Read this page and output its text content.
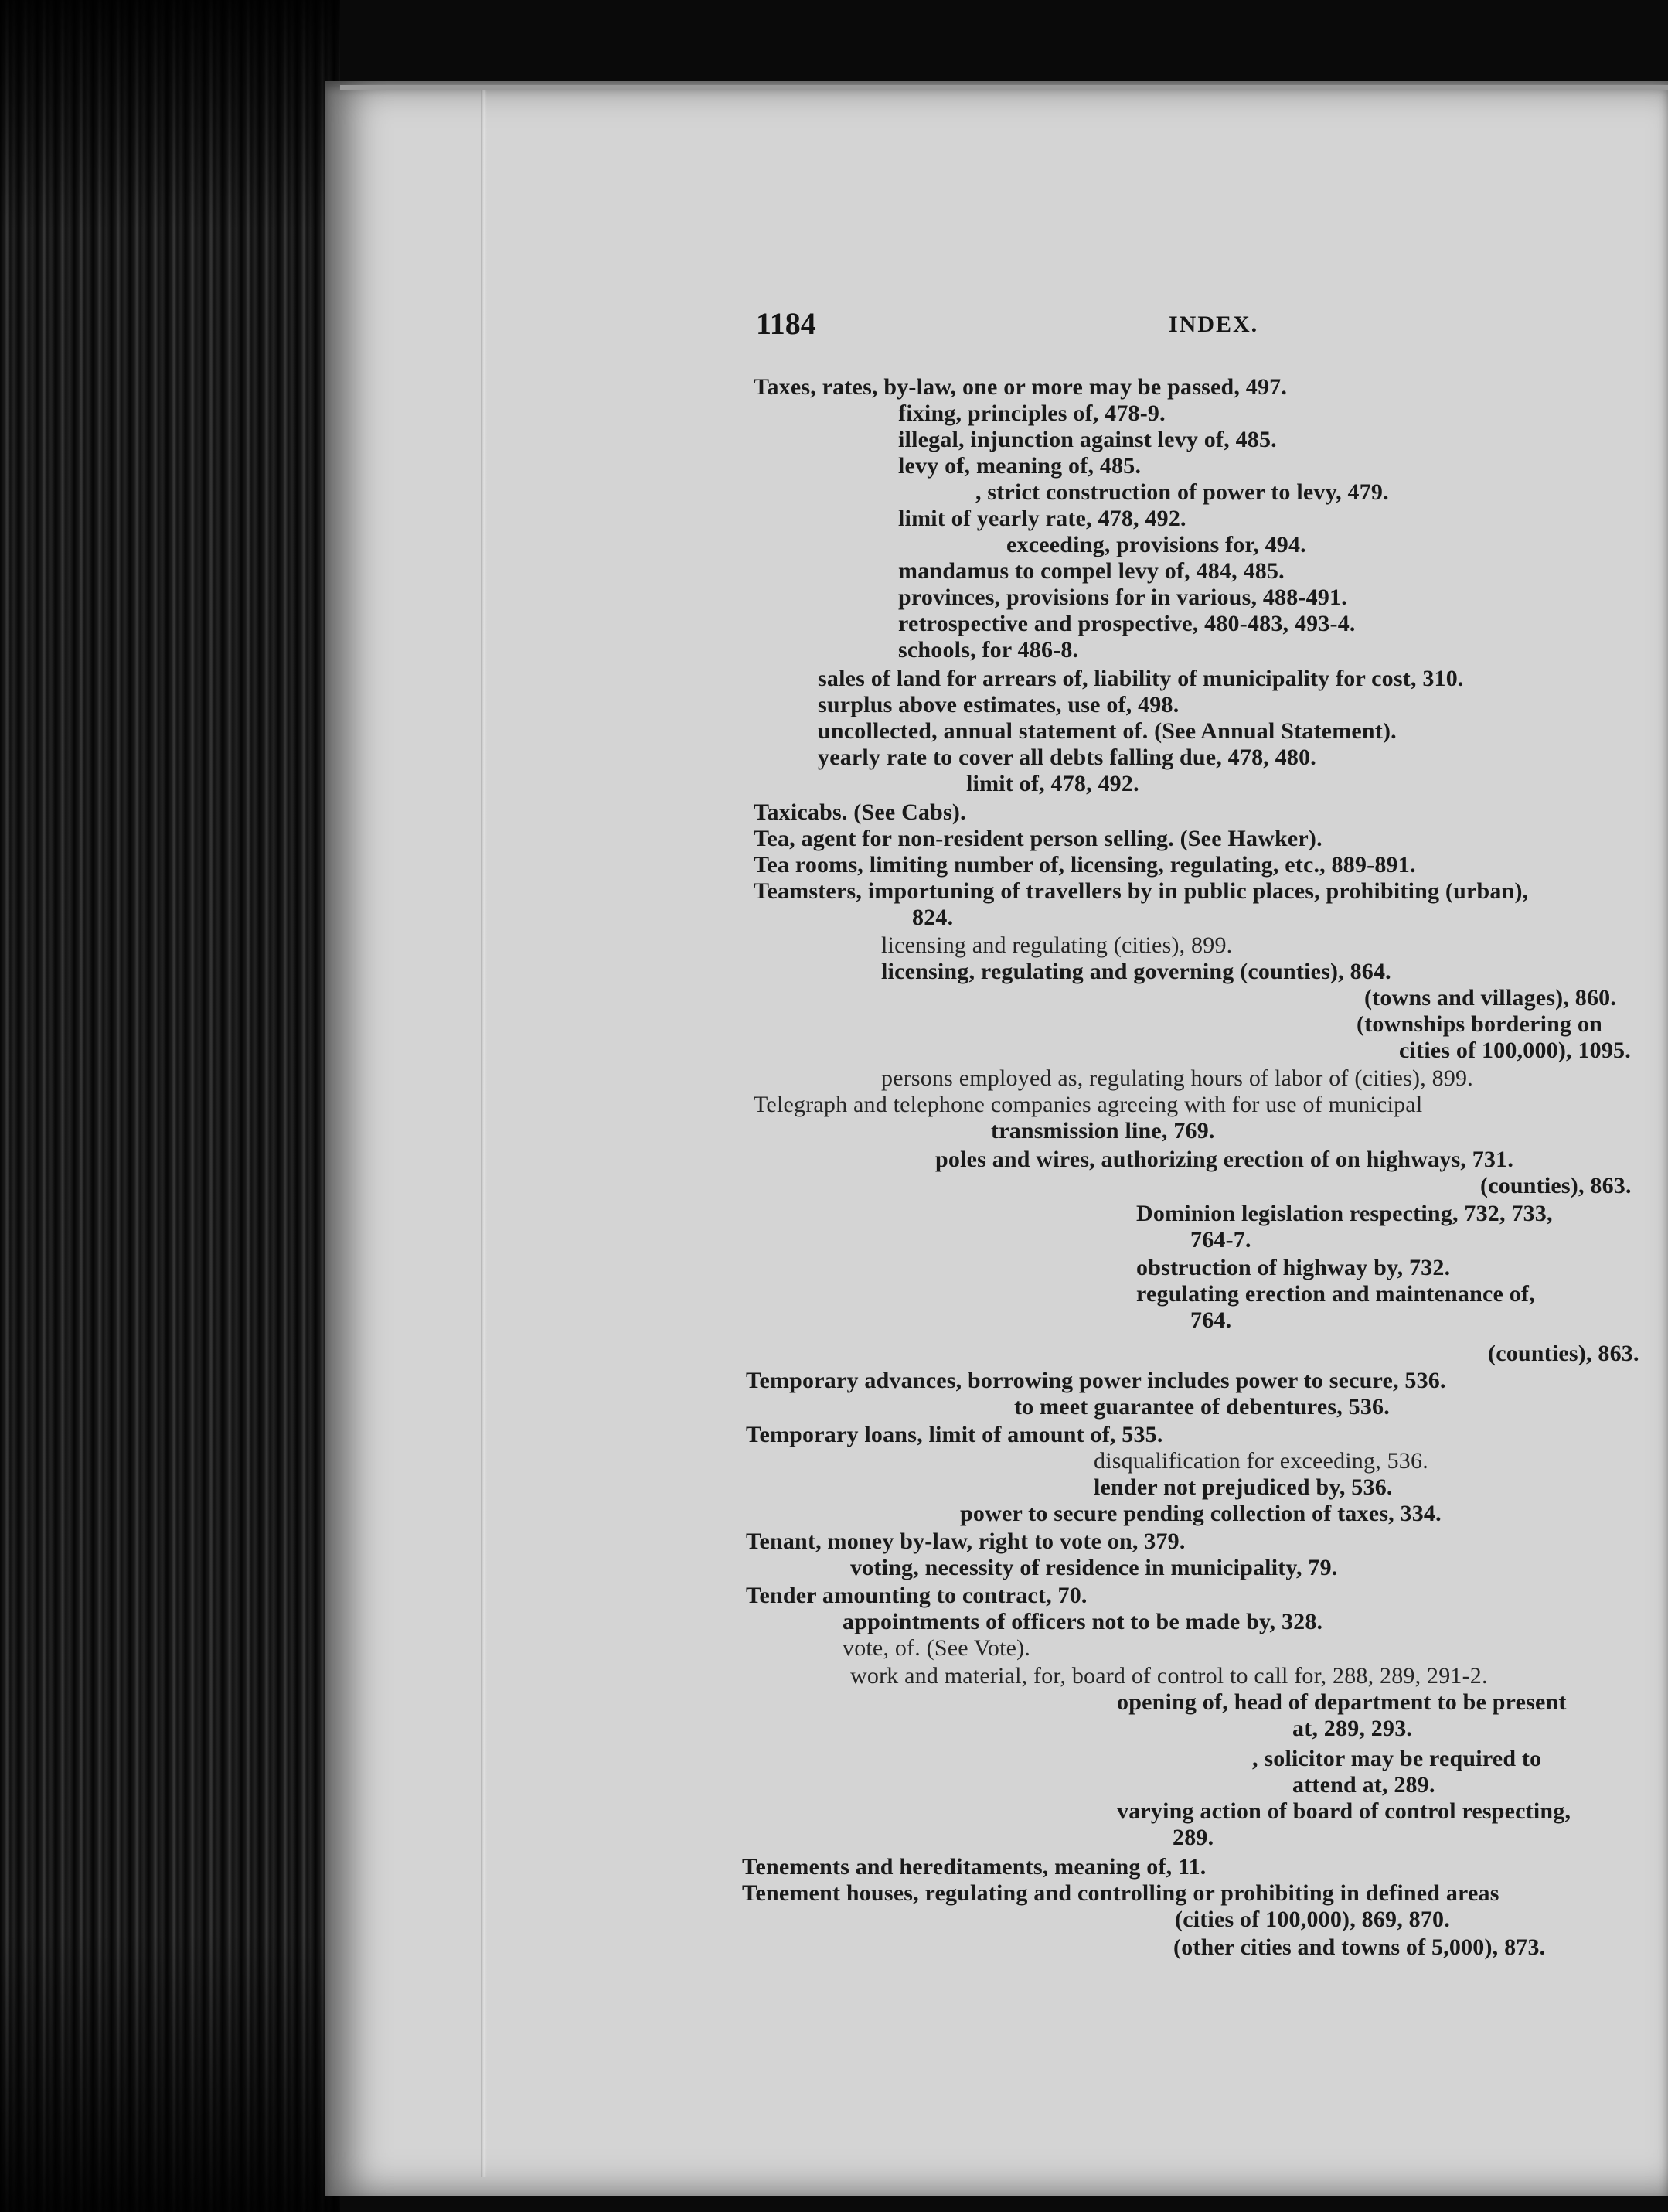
1184	INDEX.
Taxes, rates, by-law, one or more may be passed, 497.
fixing, principles of, 478-9.
illegal, injunction against levy of, 485.
levy of, meaning of, 485.
, strict construction of power to levy, 479.
limit of yearly rate, 478, 492.
exceeding, provisions for, 494.
mandamus to compel levy of, 484, 485.
provinces, provisions for in various, 488-491.
retrospective and prospective, 480-483, 493-4.
schools, for 486-8.
sales of land for arrears of, liability of municipality for cost, 310.
surplus above estimates, use of, 498.
uncollected, annual statement of. (See Annual Statement).
yearly rate to cover all debts falling due, 478, 480.
limit of, 478, 492.
Taxicabs. (See Cabs).
Tea, agent for non-resident person selling. (See Hawker).
Tea rooms, limiting number of, licensing, regulating, etc., 889-891.
Teamsters, importuning of travellers by in public places, prohibiting (urban),
824.
licensing and regulating (cities), 899.
licensing, regulating and governing (counties), 864.
(towns and villages), 860.
(townships bordering on
cities of 100,000), 1095.
persons employed as, regulating hours of labor of (cities), 899.
Telegraph and telephone companies agreeing with for use of municipal
transmission line, 769.
poles and wires, authorizing erection of on highways, 731.
(counties), 863.
Dominion legislation respecting, 732, 733,
764-7.
obstruction of highway by, 732.
regulating erection and maintenance of,
764.
(counties), 863.
Temporary advances, borrowing power includes power to secure, 536.
to meet guarantee of debentures, 536.
Temporary loans, limit of amount of, 535.
disqualification for exceeding, 536.
lender not prejudiced by, 536.
power to secure pending collection of taxes, 334.
Tenant, money by-law, right to vote on, 379.
voting, necessity of residence in municipality, 79.
Tender amounting to contract, 70.
appointments of officers not to be made by, 328.
vote, of. (See Vote).
work and material, for, board of control to call for, 288, 289, 291-2.
opening of, head of department to be present
at, 289, 293.
, solicitor may be required to
attend at, 289.
varying action of board of control respecting,
289.
Tenements and hereditaments, meaning of, 11.
Tenement houses, regulating and controlling or prohibiting in defined areas
(cities of 100,000), 869, 870.
(other cities and towns of 5,000), 873.
